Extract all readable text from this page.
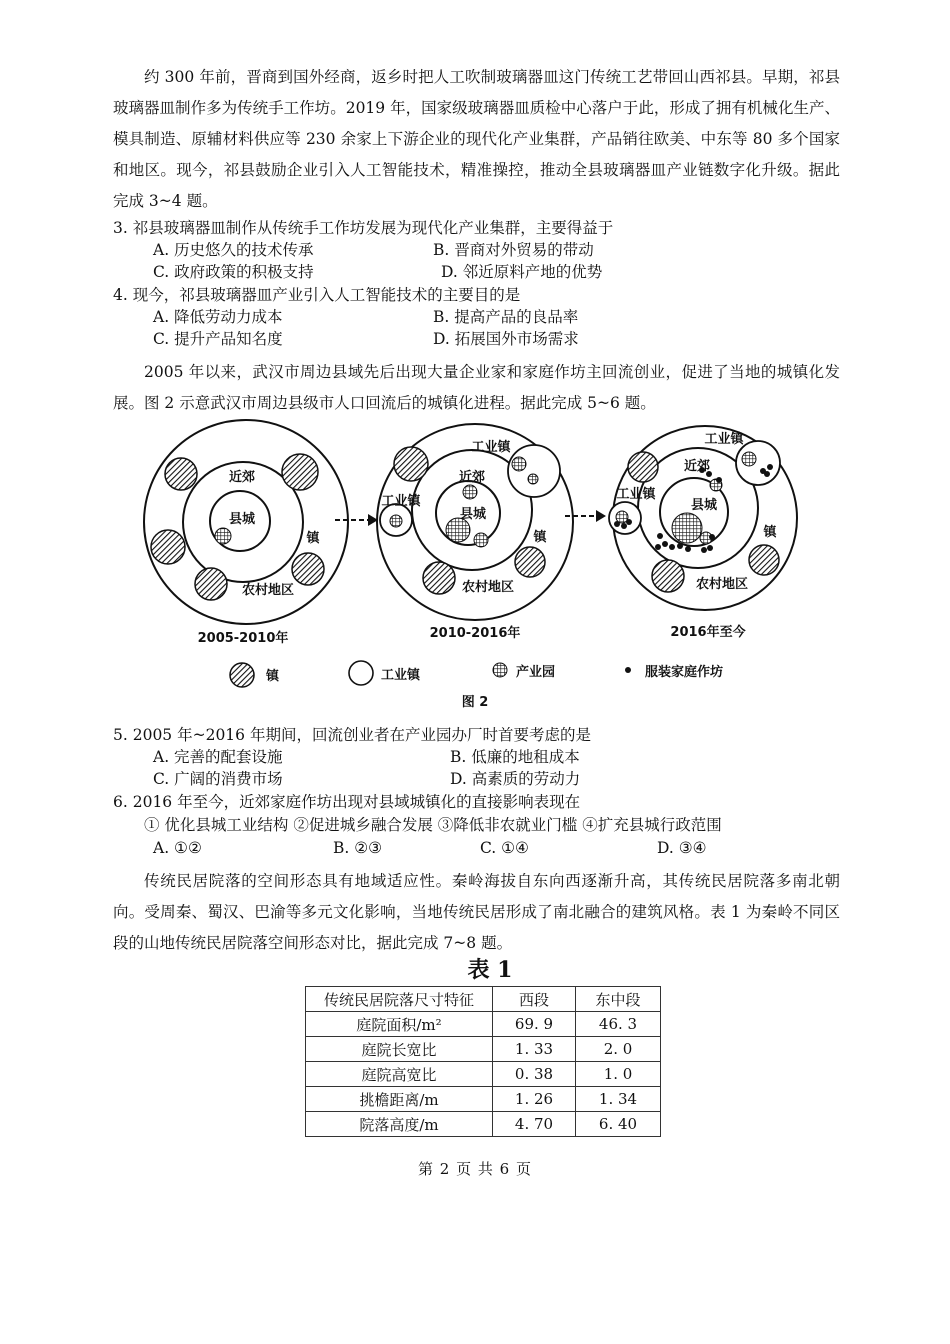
约 300 年前，晋商到国外经商，返乡时把人工吹制玻璃器皿这门传统工艺带回山西祁县。早期，祁县玻璃器皿制作多为传统手工作坊。2019 年，国家级玻璃器皿质检中心落户于此，形成了拥有机械化生产、模具制造、原辅材料供应等 230 余家上下游企业的现代化产业集群，产品销往欧美、中东等 80 多个国家和地区。现今，祁县鼓励企业引入人工智能技术，精准操控，推动全县玻璃器皿产业链数字化升级。据此完成 3~4 题。

3. 祁县玻璃器皿制作从传统手工作坊发展为现代化产业集群，主要得益于
A. 历史悠久的技术传承	B. 晋商对外贸易的带动
C. 政府政策的积极支持	D. 邻近原料产地的优势
4. 现今，祁县玻璃器皿产业引入人工智能技术的主要目的是
A. 降低劳动力成本	B. 提高产品的良品率
C. 提升产品知名度	D. 拓展国外市场需求

2005 年以来，武汉市周边县域先后出现大量企业家和家庭作坊主回流创业，促进了当地的城镇化发展。图 2 示意武汉市周边县级市人口回流后的城镇化进程。据此完成 5~6 题。

近郊
县城
镇
农村地区
2005-2010年
工业镇
近郊
县城
工业镇
镇
农村地区
2010-2016年
工业镇
近郊
县城
工业镇
镇
农村地区
2016年至今
镇	工业镇	产业园	服装家庭作坊
图 2
5. 2005 年~2016 年期间，回流创业者在产业园办厂时首要考虑的是
A. 完善的配套设施	B. 低廉的地租成本
C. 广阔的消费市场	D. 高素质的劳动力
6. 2016 年至今，近郊家庭作坊出现对县域城镇化的直接影响表现在
① 优化县城工业结构 ②促进城乡融合发展 ③降低非农就业门槛 ④扩充县城行政范围
A. ①②	B. ②③	C. ①④	D. ③④

传统民居院落的空间形态具有地域适应性。秦岭海拔自东向西逐渐升高，其传统民居院落多南北朝向。受周秦、蜀汉、巴渝等多元文化影响，当地传统民居形成了南北融合的建筑风格。表 1 为秦岭不同区段的山地传统民居院落空间形态对比，据此完成 7~8 题。

表 1
传统民居院落尺寸特征	西段	东中段
庭院面积/m²	69. 9	46. 3
庭院长宽比	1. 33	2. 0
庭院高宽比	0. 38	1. 0
挑檐距离/m	1. 26	1. 34
院落高度/m	4. 70	6. 40
第 2 页 共 6 页
